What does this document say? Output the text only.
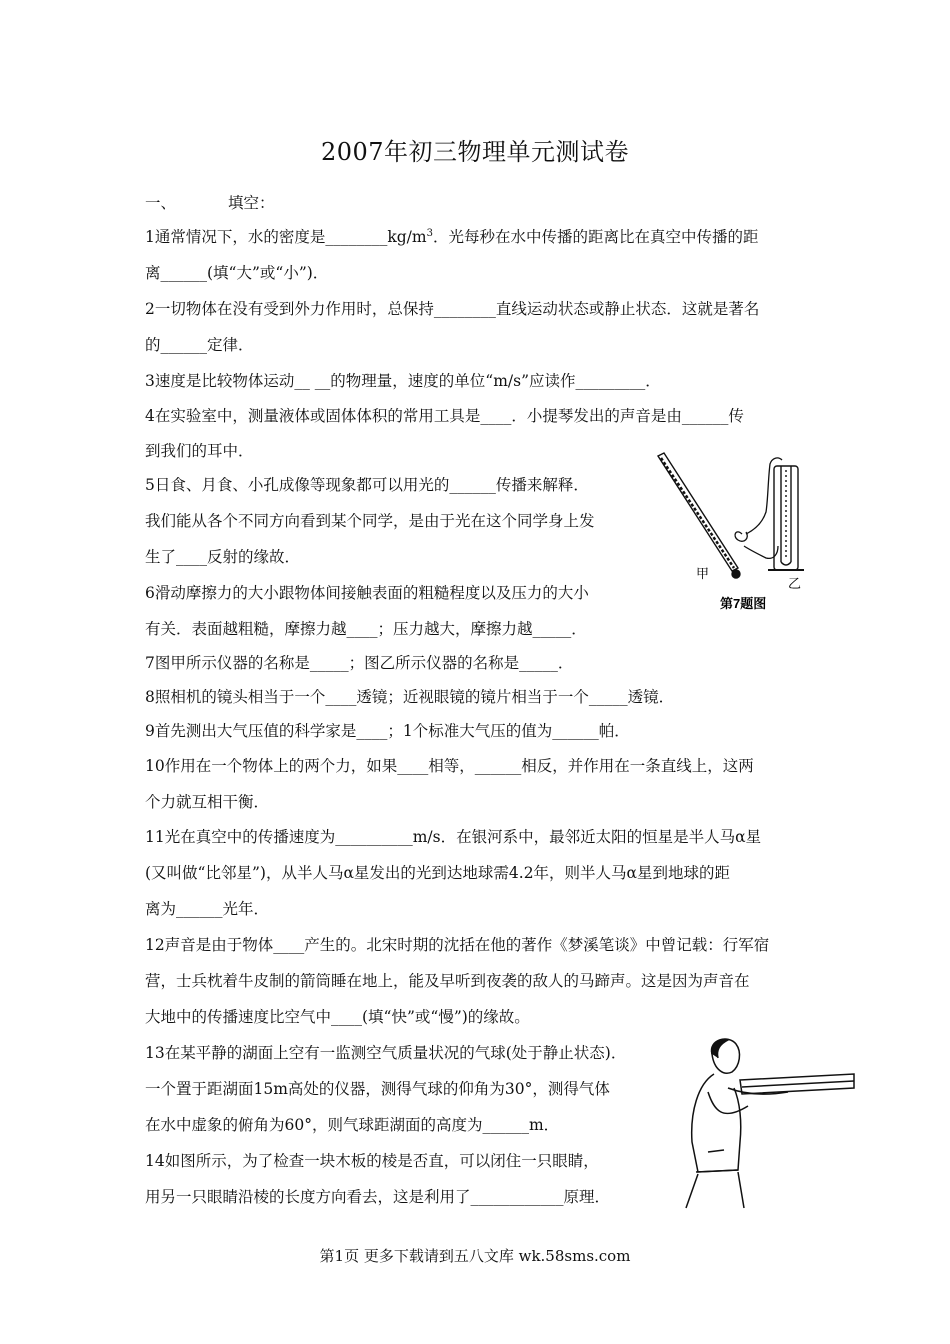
2007年初三物理单元测试卷
一、	填空：
1通常情况下，水的密度是$\_\_\_\_\_\_\_\_kg/m^3$．光每秒在水中传播的距离比在真空中传播的距
离______(填“大”或“小”)．
2一切物体在没有受到外力作用时，总保持________直线运动状态或静止状态．这就是著名
的______定律．
3速度是比较物体运动__ __的物理量，速度的单位“m/s”应读作_________．
4在实验室中，测量液体或固体体积的常用工具是____．小提琴发出的声音是由______传
到我们的耳中．
5日食、月食、小孔成像等现象都可以用光的______传播来解释．
我们能从各个不同方向看到某个同学，是由于光在这个同学身上发
生了____反射的缘故．
6滑动摩擦力的大小跟物体间接触表面的粗糙程度以及压力的大小
有关．表面越粗糙，摩擦力越____；压力越大，摩擦力越_____．
7图甲所示仪器的名称是_____；图乙所示仪器的名称是_____．
8照相机的镜头相当于一个____透镜；近视眼镜的镜片相当于一个_____透镜．
9首先测出大气压值的科学家是____；1个标准大气压的值为______帕．
10作用在一个物体上的两个力，如果____相等，______相反，并作用在一条直线上，这两
个力就互相干衡．
11光在真空中的传播速度为__________m/s．在银河系中，最邻近太阳的恒星是半人马α星
(又叫做“比邻星”)，从半人马α星发出的光到达地球需4.2年，则半人马α星到地球的距
离为______光年．
12声音是由于物体____产生的。北宋时期的沈括在他的著作《梦溪笔谈》中曾记载：行军宿
营，士兵枕着牛皮制的箭筒睡在地上，能及早听到夜袭的敌人的马蹄声。这是因为声音在
大地中的传播速度比空气中____(填“快”或“慢”)的缘故。
13在某平静的湖面上空有一监测空气质量状况的气球(处于静止状态)．
一个置于距湖面15m高处的仪器，测得气球的仰角为30°，测得气体
在水中虚象的俯角为60°，则气球距湖面的高度为______m．
14如图所示，为了检查一块木板的棱是否直，可以闭住一只眼睛，
用另一只眼睛沿棱的长度方向看去，这是利用了____________原理．
甲
乙
第7题图
第1页 更多下载请到五八文库 wk.58sms.com
